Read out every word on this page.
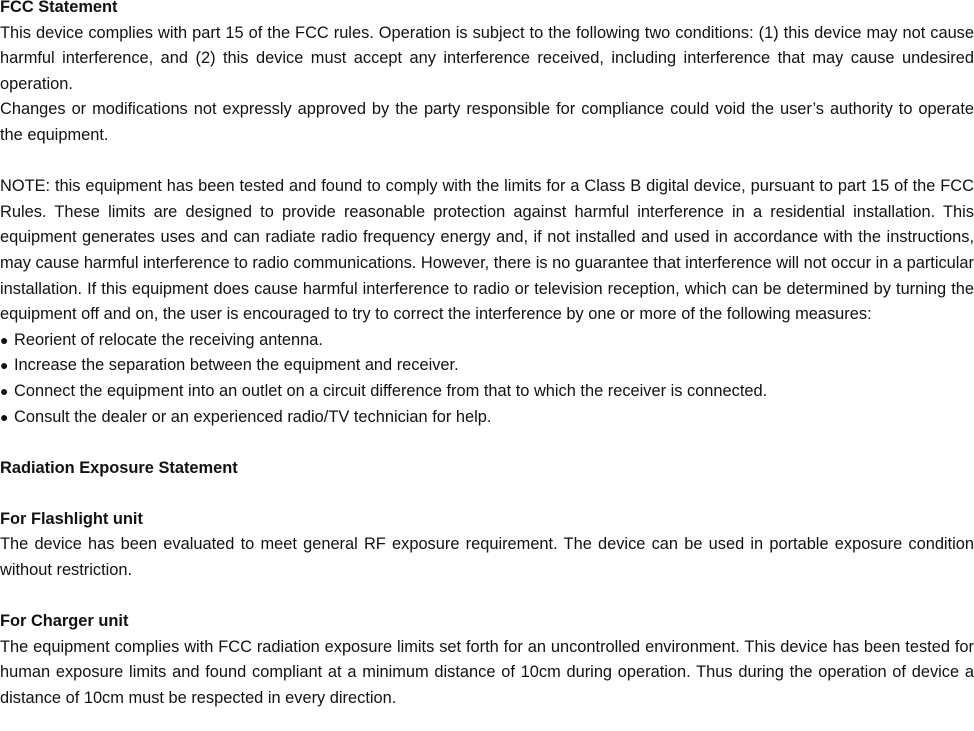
FCC Statement

This device complies with part 15 of the FCC rules. Operation is subject to the following two conditions: (1) this device may not cause harmful interference, and (2) this device must accept any interference received, including interference that may cause undesired operation.

Changes or modifications not expressly approved by the party responsible for compliance could void the user’s authority to operate the equipment.

NOTE: this equipment has been tested and found to comply with the limits for a Class B digital device, pursuant to part 15 of the FCC Rules. These limits are designed to provide reasonable protection against harmful interference in a residential installation. This equipment generates uses and can radiate radio frequency energy and, if not installed and used in accordance with the instructions, may cause harmful interference to radio communications. However, there is no guarantee that interference will not occur in a particular installation. If this equipment does cause harmful interference to radio or television reception, which can be determined by turning the equipment off and on, the user is encouraged to try to correct the interference by one or more of the following measures:

● Reorient of relocate the receiving antenna.

● Increase the separation between the equipment and receiver.

● Connect the equipment into an outlet on a circuit difference from that to which the receiver is connected.

● Consult the dealer or an experienced radio/TV technician for help.

Radiation Exposure Statement

For Flashlight unit

The device has been evaluated to meet general RF exposure requirement. The device can be used in portable exposure condition without restriction.

For Charger unit

The equipment complies with FCC radiation exposure limits set forth for an uncontrolled environment. This device has been tested for human exposure limits and found compliant at a minimum distance of 10cm during operation. Thus during the operation of device a distance of 10cm must be respected in every direction.
